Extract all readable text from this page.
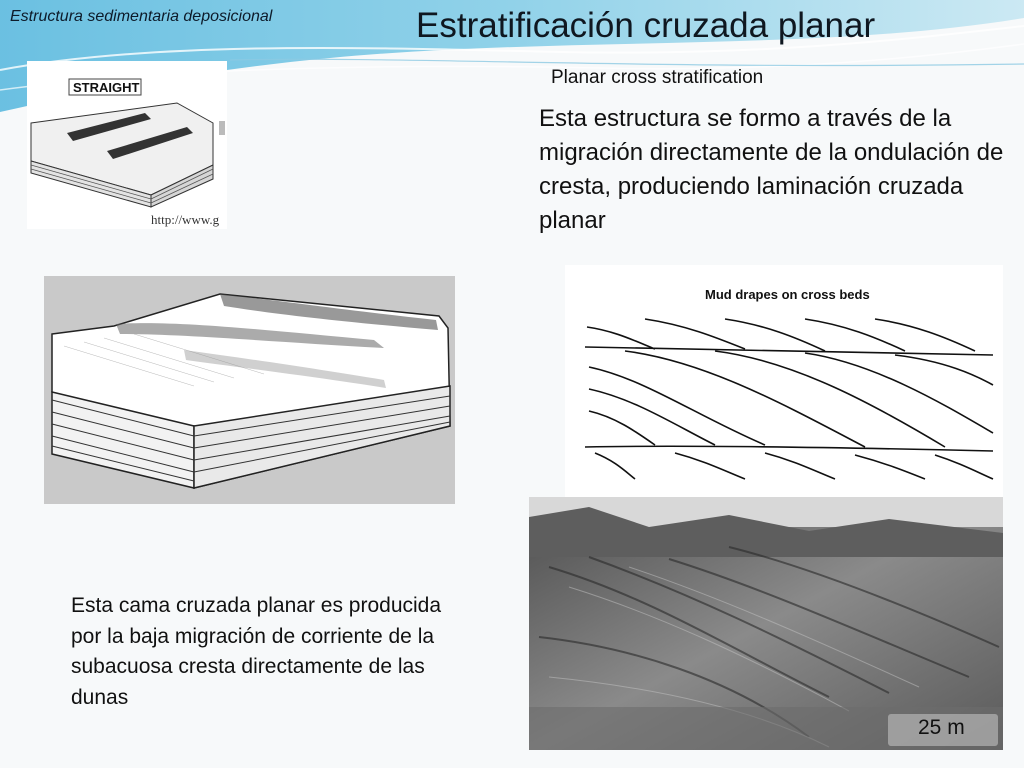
Estructura sedimentaria deposicional	Estratificación cruzada planar
Planar cross stratification
STRAIGHT
http://www.g
Esta estructura se formo a través de la migración directamente de la ondulación de cresta, produciendo laminación cruzada planar
Mud drapes on cross beds
25 m
Esta cama cruzada planar es producida por la baja migración de corriente de la subacuosa cresta directamente de las dunas
